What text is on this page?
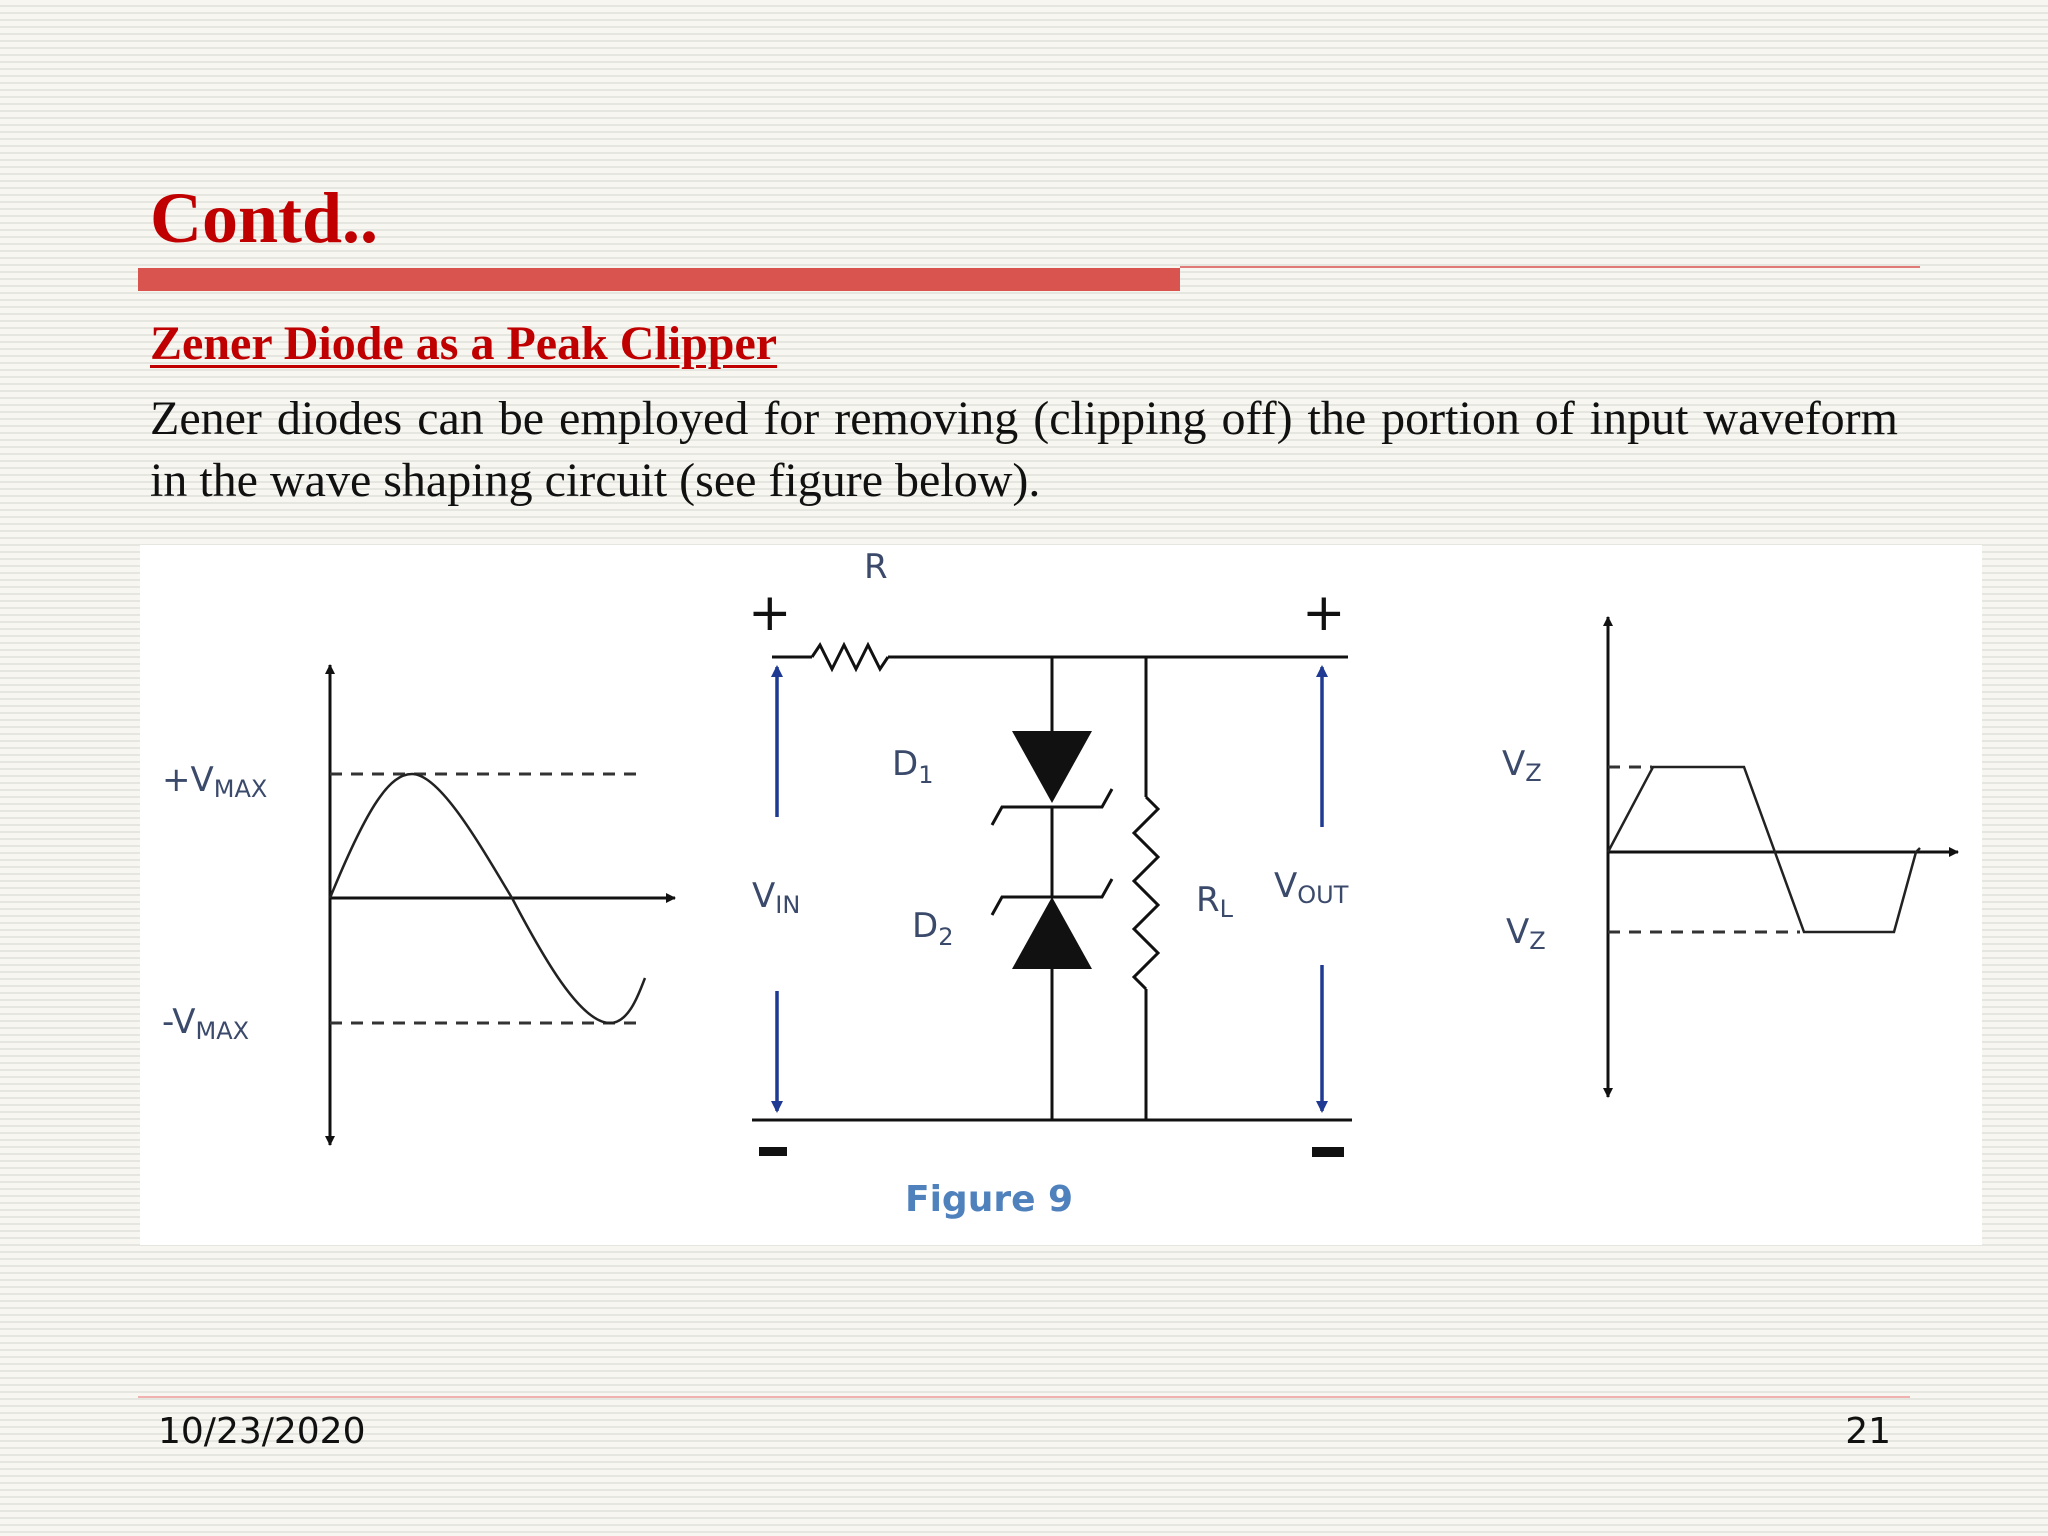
Contd..
Zener Diode as a Peak Clipper

Zener diodes can be employed for removing (clipping off) the portion of input waveform in the wave shaping circuit (see figure below).

+VMAX
-VMAX
R
+	+
VIN	VOUT
$D_1$
$D_2$
RL
Figure 9
VZ
VZ
10/23/2020	21
